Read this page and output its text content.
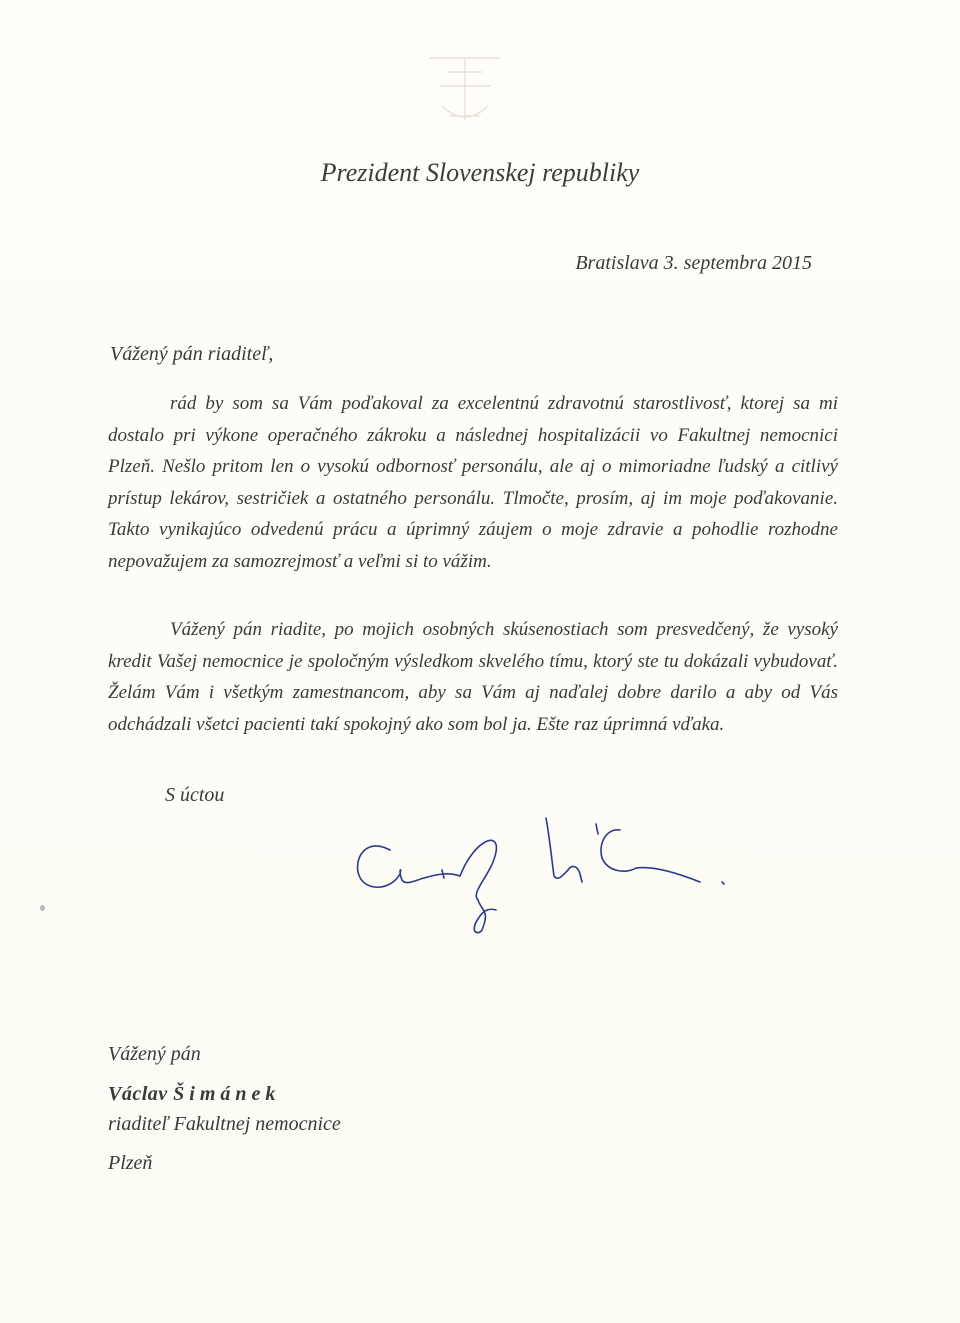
Prezident Slovenskej republiky
Bratislava 3. septembra 2015
Vážený pán riaditeľ,
rád by som sa Vám poďakoval za excelentnú zdravotnú starostlivosť, ktorej sa mi dostalo pri výkone operačného zákroku a následnej hospitalizácii vo Fakultnej nemocnici Plzeň. Nešlo pritom len o vysokú odbornosť personálu, ale aj o mimoriadne ľudský a citlivý prístup lekárov, sestričiek a ostatného personálu. Tlmočte, prosím, aj im moje poďakovanie. Takto vynikajúco odvedenú prácu a úprimný záujem o moje zdravie a pohodlie rozhodne nepovažujem za samozrejmosť a veľmi si to vážim.
Vážený pán riadite, po mojich osobných skúsenostiach som presvedčený, že vysoký kredit Vašej nemocnice je spoločným výsledkom skvelého tímu, ktorý ste tu dokázali vybudovať. Želám Vám i všetkým zamestnancom, aby sa Vám aj naďalej dobre darilo a aby od Vás odchádzali všetci pacienti takí spokojný ako som bol ja. Ešte raz úprimná vďaka.
S úctou
Vážený pán
Václav Šimánek
riaditeľ Fakultnej nemocnice
Plzeň
